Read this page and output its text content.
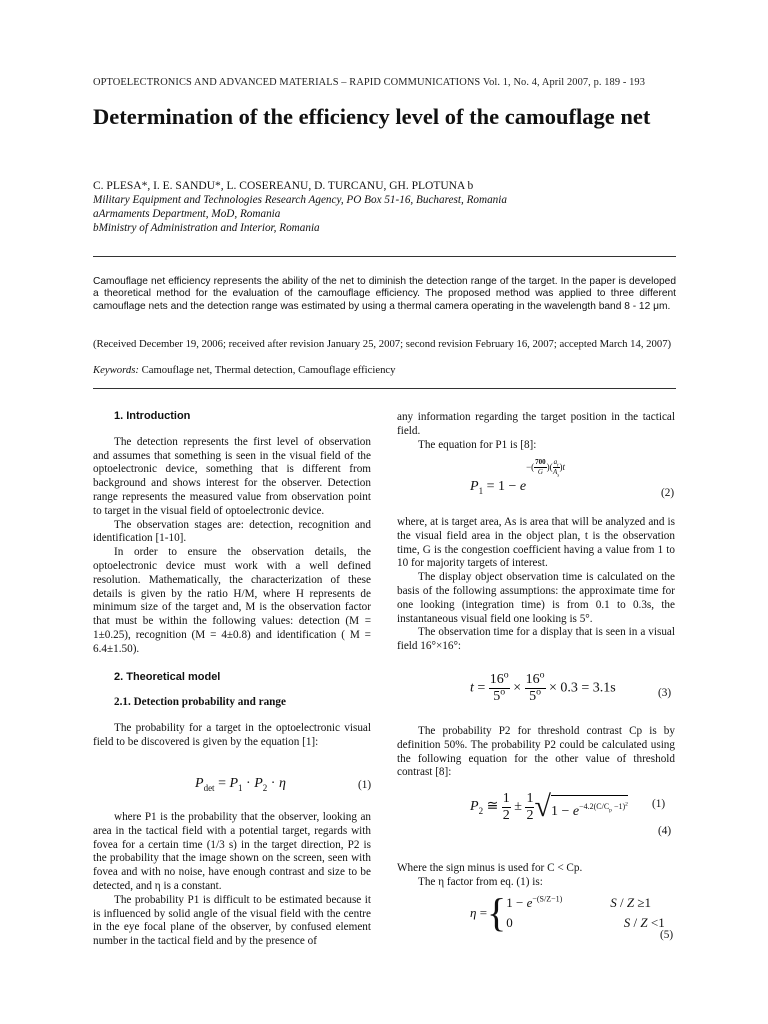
OPTOELECTRONICS AND ADVANCED MATERIALS – RAPID COMMUNICATIONS Vol. 1, No. 4, April 2007, p. 189 - 193
Determination of the efficiency level of the camouflage net
C. PLESA*, I. E. SANDU*, L. COSEREANU, D. TURCANU, GH. PLOTUNA b
Military Equipment and Technologies Research Agency, PO Box 51-16, Bucharest, Romania
aArmaments Department, MoD, Romania
bMinistry of Administration and Interior, Romania
Camouflage net efficiency represents the ability of the net to diminish the detection range of the target. In the paper is developed a theoretical method for the evaluation of the camouflage efficiency. The proposed method was applied to three different camouflage nets and the detection range was estimated by using a thermal camera operating in the wavelength band 8 - 12 μm.
(Received December 19, 2006; received after revision January 25, 2007; second revision February 16, 2007; accepted March 14, 2007)
Keywords: Camouflage net, Thermal detection, Camouflage efficiency

1. Introduction

The detection represents the first level of observation and assumes that something is seen in the visual field of the optoelectronic device, something that is different from background and shows interest for the observer. Detection range represents the measured value from observation point to target in the visual field of optoelectronic device.

The observation stages are: detection, recognition and identification [1-10].

In order to ensure the observation details, the optoelectronic device must work with a well defined resolution. Mathematically, the characterization of these details is given by the ratio H/M, where H represents de minimum size of the target and, M is the observation factor that must be within the following values: detection (M = 1±0.25), recognition (M = 4±0.8) and identification ( M = 6.4±1.50).

2. Theoretical model

2.1. Detection probability and range

The probability for a target in the optoelectronic visual field to be discovered is given by the equation [1]:

$P_{det} = P_1 \cdot P_2 \cdot \eta$	(1)

where P1 is the probability that the observer, looking an area in the tactical field with a potential target, regards with fovea for a certain time (1/3 s) in the target direction, P2 is the probability that the image shown on the screen, seen with fovea and with no noise, have enough contrast and size to be detected, and η is a constant.

The probability P1 is difficult to be estimated because it is influenced by solid angle of the visual field with the centre in the eye focal plane of the observer, by confused element number in the tactical field and by the presence of

any information regarding the target position in the tactical field.

The equation for P1 is [8]:

$P_1 = 1 - e^{-( \frac{700}{G} )( \frac{a_t}{A_s} )t}$
(2)

where, at is target area, As is area that will be analyzed and is the visual field area in the object plan, t is the observation time, G is the congestion coefficient having a value from 1 to 10 for majority targets of interest.

The display object observation time is calculated on the basis of the following assumptions: the approximate time for one looking (integration time) is from 0.1 to 0.3s, the instantaneous visual field one looking is 5°.

The observation time for a display that is seen in a visual field 16°×16°:

$t = \frac{16^o}{5^o} \times \frac{16^o}{5^o} \times 0.3 = 3.1s$	(3)

The probability P2 for threshold contrast Cp is by definition 50%. The probability P2 could be calculated using the following equation for the other value of threshold contrast [8]:

$P_2$ ≅ $\frac{1}{2} \pm \frac{1}{2} √1 - e^{-4.2(C/C_p -1)^2}$ (1)
(4)

Where the sign minus is used for C < Cp.

The η factor from eq. (1) is:

η ={ $1 - e^{-(S/Z-1)}$	S / Z ≥1
0	S / Z <1
(5)
